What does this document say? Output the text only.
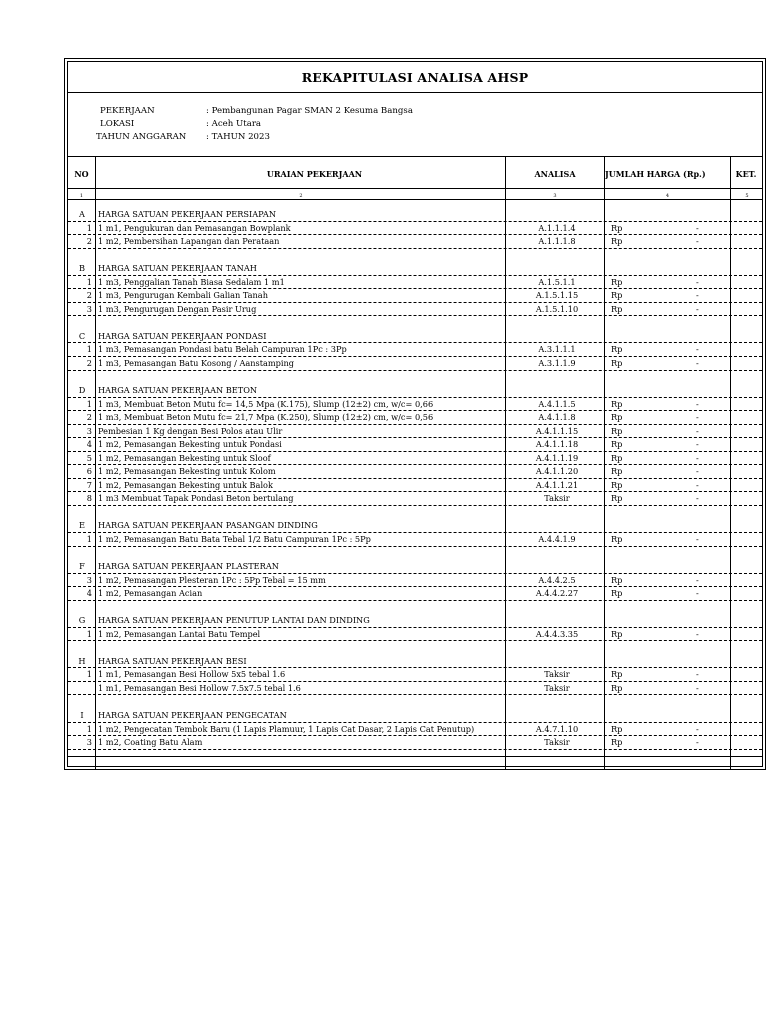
REKAPITULASI ANALISA AHSP
PEKERJAAN	: Pembangunan Pagar SMAN 2 Kesuma Bangsa
LOKASI	: Aceh Utara
TAHUN ANGGARAN : TAHUN 2023
NO	URAIAN PEKERJAAN	ANALISA	JUMLAH HARGA (Rp.)	KET.
1	2	3	4	5
A	HARGA SATUAN PEKERJAAN PERSIAPAN
1 1 m1, Pengukuran dan Pemasangan Bowplank	A.1.1.1.4	Rp	-
2 1 m2, Pembersihan Lapangan dan Perataan	A.1.1.1.8	Rp	-
B	HARGA SATUAN PEKERJAAN TANAH
1 1 m3, Penggalian Tanah Biasa Sedalam 1 m1	A.1.5.1.1	Rp	-
2 1 m3, Pengurugan Kembali Galian Tanah	A.1.5.1.15	Rp	-
3 1 m3, Pengurugan Dengan Pasir Urug	A.1.5.1.10	Rp	-
C	HARGA SATUAN PEKERJAAN PONDASI
1 1 m3, Pemasangan Pondasi batu Belah Campuran 1Pc : 3Pp	A.3.1.1.1	Rp	-
2 1 m3, Pemasangan Batu Kosong / Aanstamping	A.3.1.1.9	Rp	-
D	HARGA SATUAN PEKERJAAN BETON
1 1 m3, Membuat Beton Mutu fc= 14,5 Mpa (K.175), Slump (12±2) cm, w/c= 0,66	A.4.1.1.5	Rp	-
2 1 m3, Membuat Beton Mutu fc= 21,7 Mpa (K.250), Slump (12±2) cm, w/c= 0,56	A.4.1.1.8	Rp	-
3 Pembesian 1 Kg dengan Besi Polos atau Ulir	A.4.1.1.15	Rp	-
4 1 m2, Pemasangan Bekesting untuk Pondasi	A.4.1.1.18	Rp	-
5 1 m2, Pemasangan Bekesting untuk Sloof	A.4.1.1.19	Rp	-
6 1 m2, Pemasangan Bekesting untuk Kolom	A.4.1.1.20	Rp	-
7 1 m2, Pemasangan Bekesting untuk Balok	A.4.1.1.21	Rp	-
8 1 m3 Membuat Tapak Pondasi Beton bertulang	Taksir	Rp	-
E	HARGA SATUAN PEKERJAAN PASANGAN DINDING
1 1 m2, Pemasangan Batu Bata Tebal 1/2 Batu Campuran 1Pc : 5Pp	A.4.4.1.9	Rp	-
F	HARGA SATUAN PEKERJAAN PLASTERAN
3 1 m2, Pemasangan Plesteran 1Pc : 5Pp Tebal = 15 mm	A.4.4.2.5	Rp	-
4 1 m2, Pemasangan Acian	A.4.4.2.27	Rp	-
G	HARGA SATUAN PEKERJAAN PENUTUP LANTAI DAN DINDING
1 1 m2, Pemasangan Lantai Batu Tempel	A.4.4.3.35	Rp	-
H	HARGA SATUAN PEKERJAAN BESI
1 1 m1, Pemasangan Besi Hollow 5x5 tebal 1.6	Taksir	Rp	-
1 m1, Pemasangan Besi Hollow 7.5x7.5 tebal 1.6	Taksir	Rp	-
I	HARGA SATUAN PEKERJAAN PENGECATAN
1 1 m2, Pengecatan Tembok Baru (1 Lapis Plamuur, 1 Lapis Cat Dasar, 2 Lapis Cat Penutup)	A.4.7.1.10	Rp	-
3 1 m2, Coating Batu Alam	Taksir	Rp	-
